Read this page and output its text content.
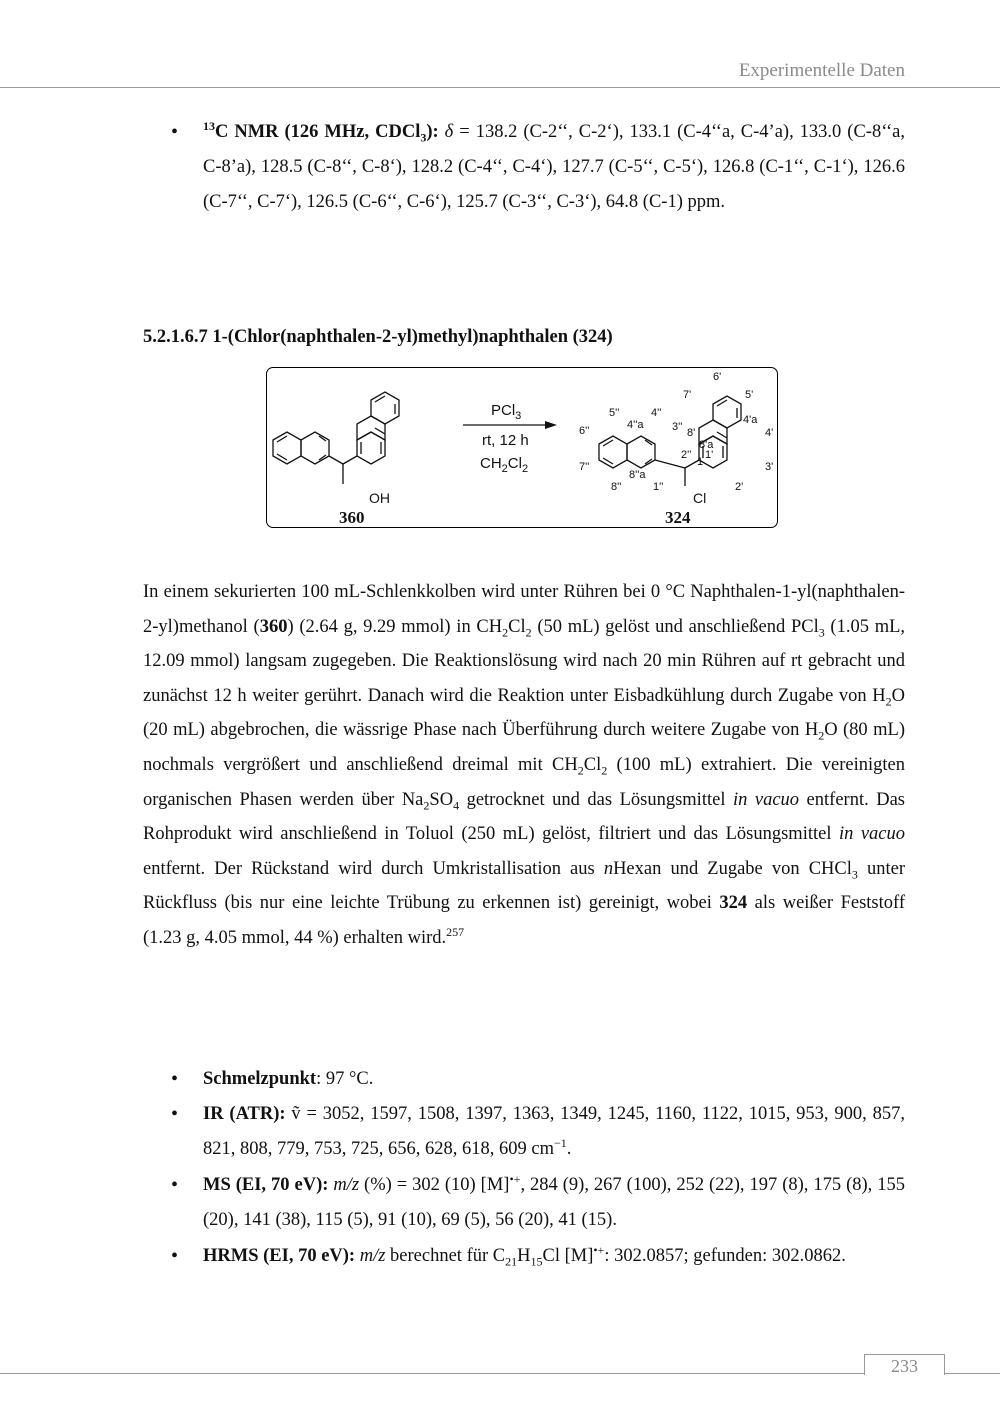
Experimentelle Daten
• $^{13}$C NMR (126 MHz, CDCl$_3$): δ = 138.2 (C-2‘‘, C-2‘), 133.1 (C-4‘‘a, C-4’a), 133.0 (C-8‘‘a, C-8’a), 128.5 (C-8‘‘, C-8‘), 128.2 (C-4‘‘, C-4‘), 127.7 (C-5‘‘, C-5‘), 126.8 (C-1‘‘, C-1‘), 126.6 (C-7‘‘, C-7‘), 126.5 (C-6‘‘, C-6‘), 125.7 (C-3‘‘, C-3‘), 64.8 (C-1) ppm.
5.2.1.6.7 1-(Chlor(naphthalen-2-yl)methyl)naphthalen (324)
OH
360
PCl$_3$
rt, 12 h
$CH_2Cl_2$
6'
7'	5'
5''	4''
4''a	3'' 8'
4'a
4'
6''
8'a
2'' 1'
1
7''
8''a
3'
8''	1''	2'
Cl
324

In einem sekurierten 100 mL-Schlenkkolben wird unter Rühren bei 0 °C Naphthalen-1-yl(naphthalen-2-yl)methanol (360) (2.64 g, 9.29 mmol) in $CH_2Cl_2$ (50 mL) gelöst und anschließend PCl$_3$ (1.05 mL, 12.09 mmol) langsam zugegeben. Die Reaktionslösung wird nach 20 min Rühren auf rt gebracht und zunächst 12 h weiter gerührt. Danach wird die Reaktion unter Eisbadkühlung durch Zugabe von $H_2O$ (20 mL) abgebrochen, die wässrige Phase nach Überführung durch weitere Zugabe von $H_2O$ (80 mL) nochmals vergrößert und anschließend dreimal mit $CH_2Cl_2$ (100 mL) extrahiert. Die vereinigten organischen Phasen werden über $Na_2SO_4$ getrocknet und das Lösungsmittel in vacuo entfernt. Das Rohprodukt wird anschließend in Toluol (250 mL) gelöst, filtriert und das Lösungsmittel in vacuo entfernt. Der Rückstand wird durch Umkristallisation aus nHexan und Zugabe von CHCl$_3$ unter Rückfluss (bis nur eine leichte Trübung zu erkennen ist) gereinigt, wobei 324 als weißer Feststoff (1.23 g, 4.05 mmol, 44 %) erhalten wird.$^{257}$

• Schmelzpunkt: 97 °C.
• IR (ATR): ṽ = 3052, 1597, 1508, 1397, 1363, 1349, 1245, 1160, 1122, 1015, 953, 900, 857, 821, 808, 779, 753, 725, 656, 628, 618, 609 $cm^{-1}$.
• MS (EI, 70 eV): m/z (%) = 302 (10) [M]•+, 284 (9), 267 (100), 252 (22), 197 (8), 175 (8), 155 (20), 141 (38), 115 (5), 91 (10), 69 (5), 56 (20), 41 (15).
• HRMS (EI, 70 eV): m/z berechnet für $C_{21}H_{15}Cl$ [M]•+: 302.0857; gefunden: 302.0862.
233
